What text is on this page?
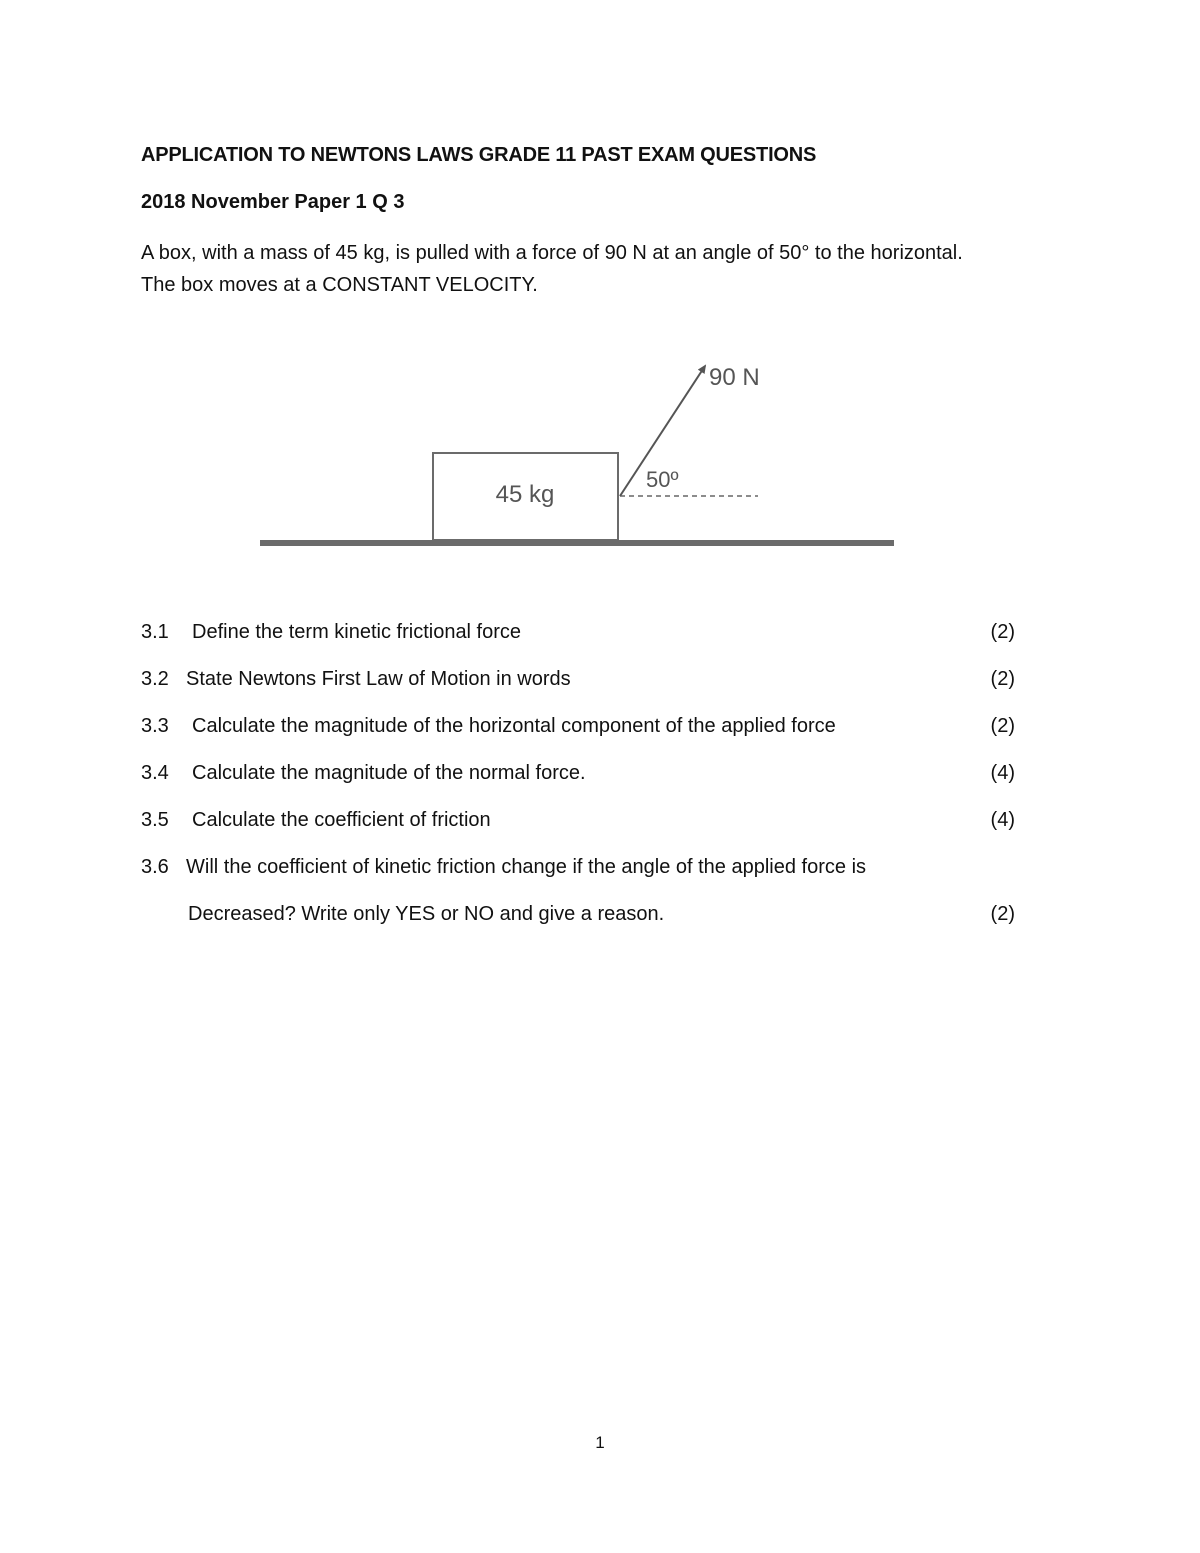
APPLICATION TO NEWTONS LAWS GRADE 11 PAST EXAM QUESTIONS
2018 November Paper 1 Q 3

A box, with a mass of 45 kg, is pulled with a force of 90 N at an angle of 50° to the horizontal.

The box moves at a CONSTANT VELOCITY.

45 kg
90 N
50º
3.1 Define the term kinetic frictional force	(2)
3.2 State Newtons First Law of Motion in words	(2)
3.3 Calculate the magnitude of the horizontal component of the applied force	(2)
3.4 Calculate the magnitude of the normal force.	(4)
3.5 Calculate the coefficient of friction	(4)
3.6 Will the coefficient of kinetic friction change if the angle of the applied force is
Decreased? Write only YES or NO and give a reason.	(2)
1
